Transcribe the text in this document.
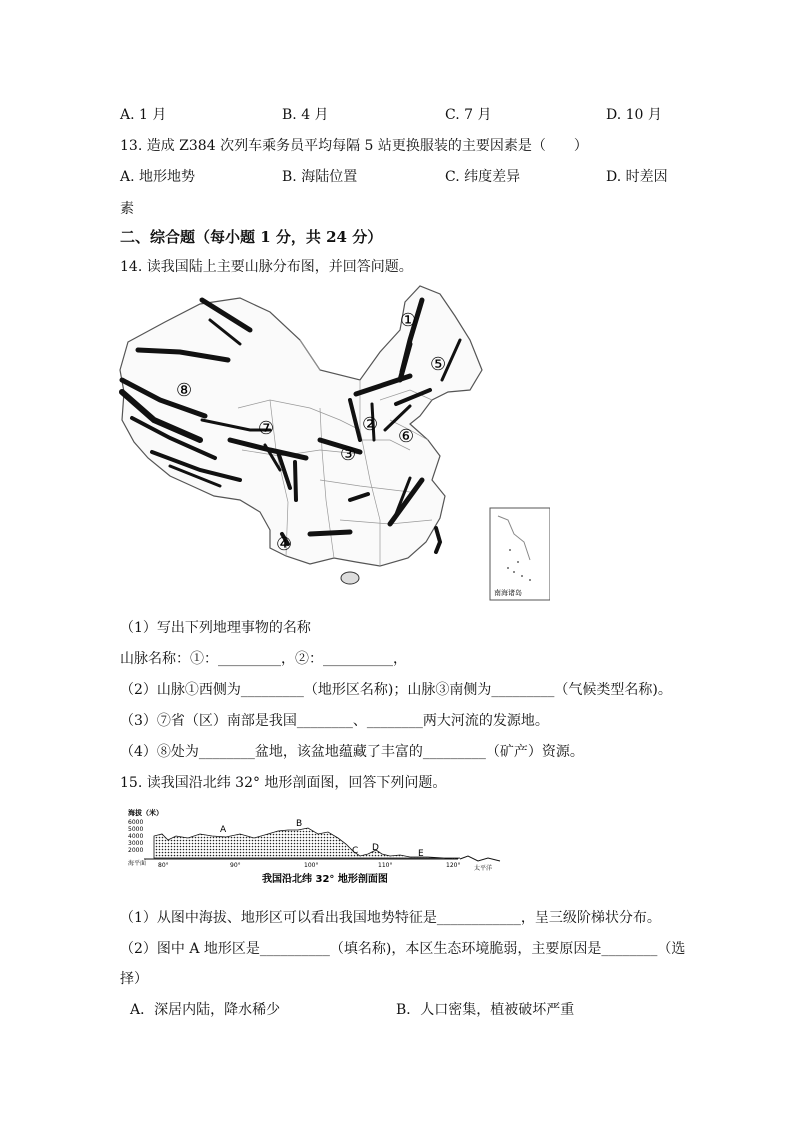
A. 1 月	B. 4 月	C. 7 月	D. 10 月
13. 造成 Z384 次列车乘务员平均每隔 5 站更换服装的主要因素是（　　）
A. 地形地势	B. 海陆位置	C. 纬度差异	D. 时差因
素
二、综合题（每小题 1 分，共 24 分）
14. 读我国陆上主要山脉分布图，并回答问题。
①
②
③
④
⑤
⑥
⑦
⑧
南海诸岛
（1）写出下列地理事物的名称
山脉名称：①：_________，②：__________，
（2）山脉①西侧为_________（地形区名称)；山脉③南侧为_________（气候类型名称)。
（3）⑦省（区）南部是我国________、________两大河流的发源地。
（4）⑧处为________盆地，该盆地蕴藏了丰富的_________（矿产）资源。
15. 读我国沿北纬 32° 地形剖面图，回答下列问题。
海拔（米）
6000
5000
4000
3000
2000
海平面 80°	90°	100°	110°	120°
A
B
C D
E
太平洋
我国沿北纬 32° 地形剖面图
（1）从图中海拔、地形区可以看出我国地势特征是____________，呈三级阶梯状分布。
（2）图中 A 地形区是__________（填名称)，本区生态环境脆弱，主要原因是________（选
择）
A．深居内陆，降水稀少	B．人口密集，植被破坏严重
